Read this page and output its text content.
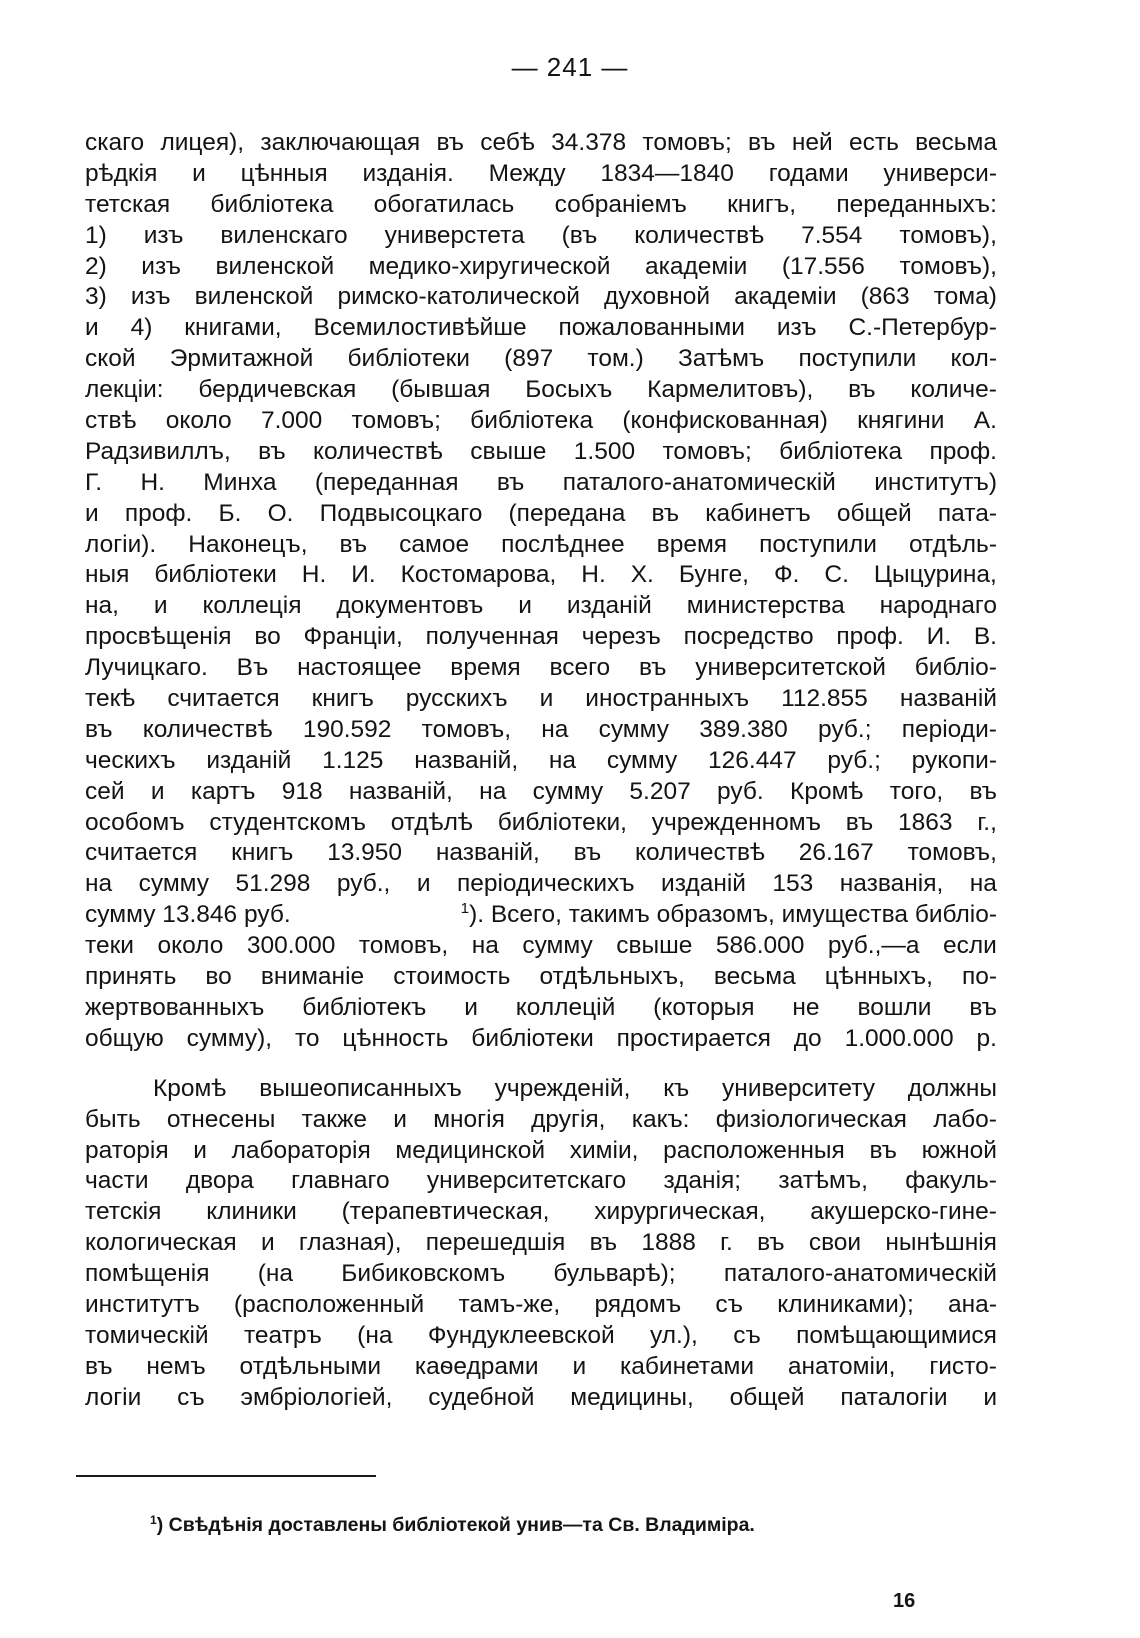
— 241 —
скаго лицея), заключающая въ себѣ 34.378 томовъ; въ ней есть весьма
рѣдкія и цѣнныя изданія. Между 1834—1840 годами универси-
тетская библіотека обогатилась собраніемъ книгъ, переданныхъ:
1) изъ виленскаго универстета (въ количествѣ 7.554 томовъ),
2) изъ виленской медико-хиругической академіи (17.556 томовъ),
3) изъ виленской римско-католической духовной академіи (863 тома)
и 4) книгами, Всемилостивѣйше пожалованными изъ С.-Петербур-
ской Эрмитажной библіотеки (897 том.) Затѣмъ поступили кол-
лекціи: бердичевская (бывшая Босыхъ Кармелитовъ), въ количе-
ствѣ около 7.000 томовъ; библіотека (конфискованная) княгини А.
Радзивиллъ, въ количествѣ свыше 1.500 томовъ; библіотека проф.
Г. Н. Минха (переданная въ паталого-анатомическій институтъ)
и проф. Б. О. Подвысоцкаго (передана въ кабинетъ общей пата-
логіи). Наконецъ, въ самое послѣднее время поступили отдѣль-
ныя библіотеки Н. И. Костомарова, Н. Х. Бунге, Ф. С. Цыцурина,
на, и коллеція документовъ и изданій министерства народнаго
просвѣщенія во Франціи, полученная черезъ посредство проф. И. В.
Лучицкаго. Въ настоящее время всего въ университетской библіо-
текѣ считается книгъ русскихъ и иностранныхъ 112.855 названій
въ количествѣ 190.592 томовъ, на сумму 389.380 руб.; періоди-
ческихъ изданій 1.125 названій, на сумму 126.447 руб.; рукопи-
сей и картъ 918 названій, на сумму 5.207 руб. Кромѣ того, въ
особомъ студентскомъ отдѣлѣ библіотеки, учрежденномъ въ 1863 г.,
считается книгъ 13.950 названій, въ количествѣ 26.167 томовъ,
на сумму 51.298 руб., и періодическихъ изданій 153 названія, на
сумму 13.846 руб.	$^1$). Всего, такимъ образомъ, имущества библіо-
теки около 300.000 томовъ, на сумму свыше 586.000 руб.,—а если
принять во вниманіе стоимость отдѣльныхъ, весьма цѣнныхъ, по-
жертвованныхъ библіотекъ и коллецій (которыя не вошли въ
общую сумму), то цѣнность библіотеки простирается до 1.000.000 р.
Кромѣ вышеописанныхъ учрежденій, къ университету должны
быть отнесены также и многія другія, какъ: физіологическая лабо-
раторія и лабораторія медицинской химіи, расположенныя въ южной
части двора главнаго университетскаго зданія; затѣмъ, факуль-
тетскія клиники (терапевтическая, хирургическая, акушерско-гине-
кологическая и глазная), перешедшія въ 1888 г. въ свои нынѣшнія
помѣщенія (на Бибиковскомъ бульварѣ); паталого-анатомическій
институтъ (расположенный тамъ-же, рядомъ съ клиниками); ана-
томическій театръ (на Фундуклеевской ул.), съ помѣщающимися
въ немъ отдѣльными каѳедрами и кабинетами анатоміи, гисто-
логіи съ эмбріологіей, судебной медицины, общей паталогіи и
$^1$) Свѣдѣнія доставлены библіотекой унив—та Св. Владиміра.
16
